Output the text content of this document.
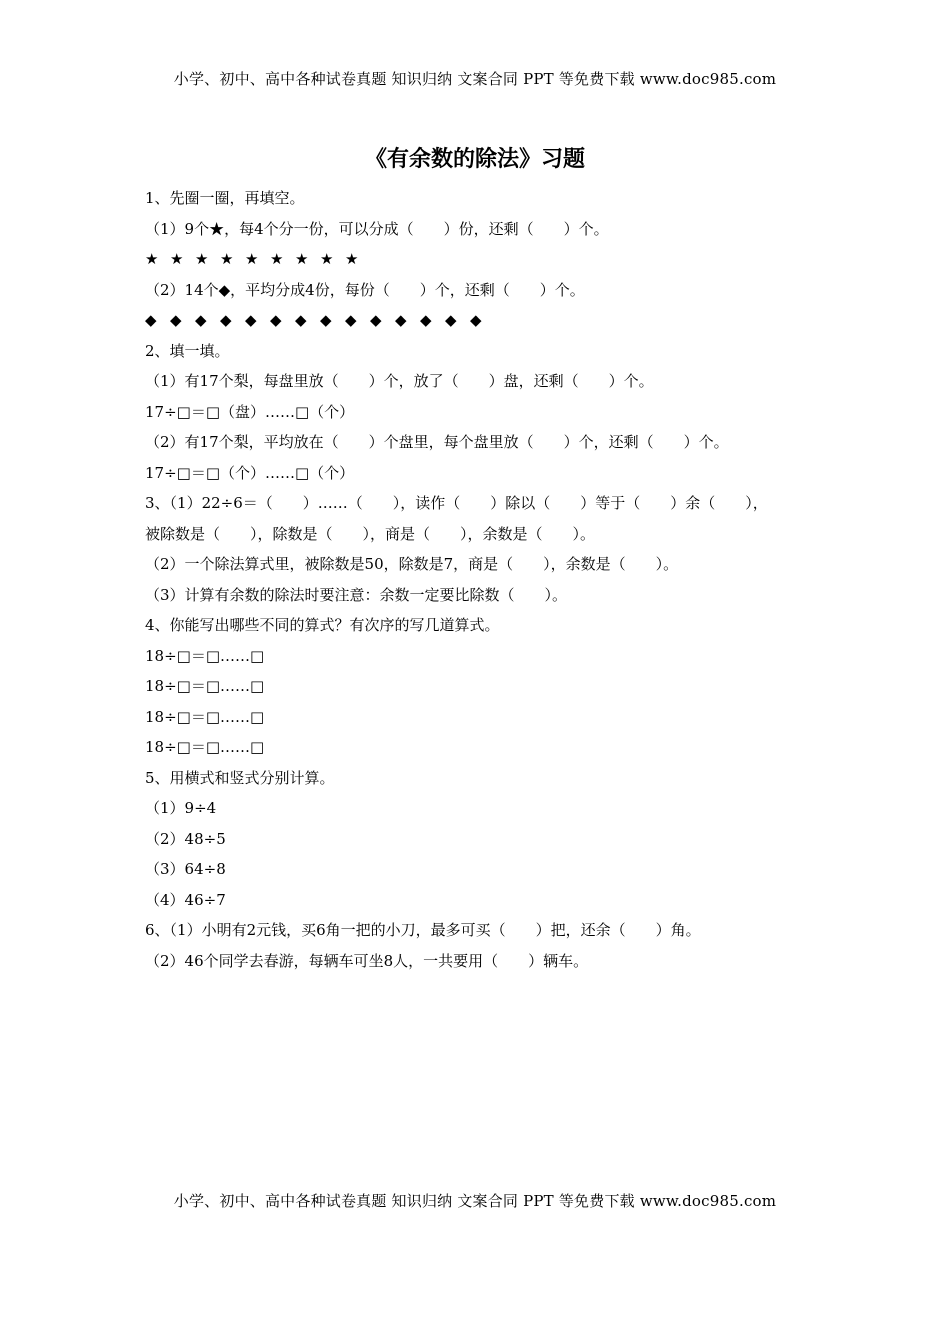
小学、初中、高中各种试卷真题 知识归纳 文案合同 PPT 等免费下载 www.doc985.com
《有余数的除法》习题
1、先圈一圈，再填空。
（1）9个★，每4个分一份，可以分成（　　）份，还剩（　　）个。
★ ★ ★ ★ ★ ★ ★ ★ ★
（2）14个◆，平均分成4份，每份（　　）个，还剩（　　）个。
◆ ◆ ◆ ◆ ◆ ◆ ◆ ◆ ◆ ◆ ◆ ◆ ◆ ◆
2、填一填。
（1）有17个梨，每盘里放（　　）个，放了（　　）盘，还剩（　　）个。
17÷□＝□（盘）……□（个）
（2）有17个梨，平均放在（　　）个盘里，每个盘里放（　　）个，还剩（　　）个。
17÷□＝□（个）……□（个）
3、（1）22÷6＝（　　）……（　　），读作（　　）除以（　　）等于（　　）余（　　），
被除数是（　　），除数是（　　），商是（　　），余数是（　　）。
（2）一个除法算式里，被除数是50，除数是7，商是（　　），余数是（　　）。
（3）计算有余数的除法时要注意：余数一定要比除数（　　）。
4、你能写出哪些不同的算式？有次序的写几道算式。
18÷□＝□……□
18÷□＝□……□
18÷□＝□……□
18÷□＝□……□
5、用横式和竖式分别计算。
（1）9÷4
（2）48÷5
（3）64÷8
（4）46÷7
6、（1）小明有2元钱，买6角一把的小刀，最多可买（　　）把，还余（　　）角。
（2）46个同学去春游，每辆车可坐8人，一共要用（　　）辆车。
小学、初中、高中各种试卷真题 知识归纳 文案合同 PPT 等免费下载 www.doc985.com
